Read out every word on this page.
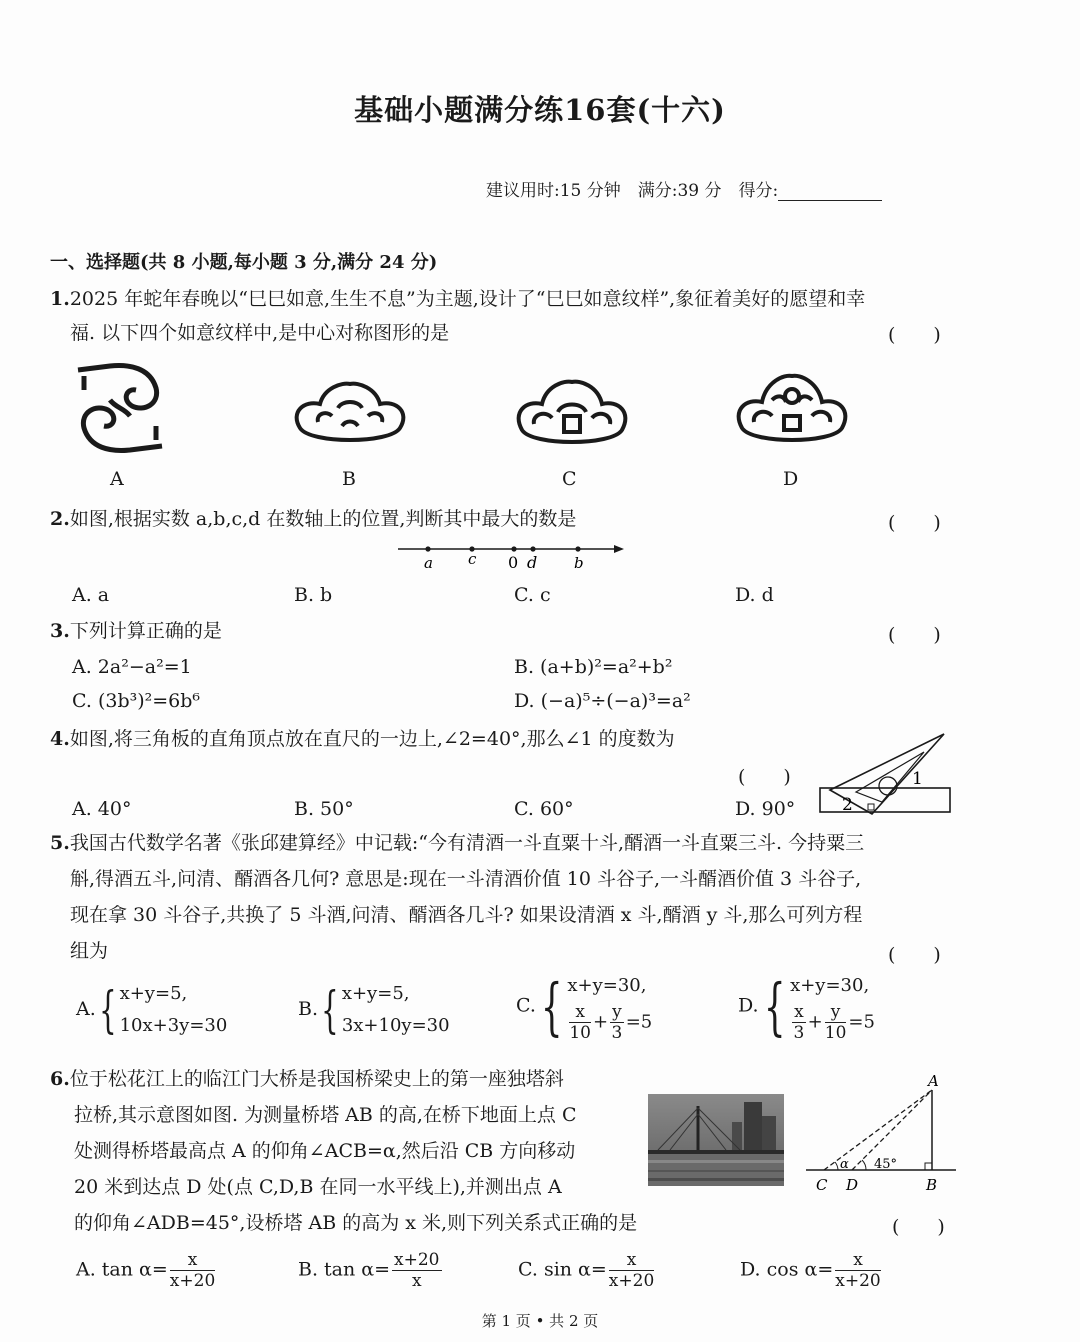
基础小题满分练16套(十六)
建议用时:15 分钟　满分:39 分　得分:
一、选择题(共 8 小题,每小题 3 分,满分 24 分)
1.2025 年蛇年春晚以“巳巳如意,生生不息”为主题,设计了“巳巳如意纹样”,象征着美好的愿望和幸
福. 以下四个如意纹样中,是中心对称图形的是	(　　)
A	B	C	D
2.如图,根据实数 a,b,c,d 在数轴上的位置,判断其中最大的数是	(　　)
a c 0 d b
A. a	B. b	C. c	D. d
3.下列计算正确的是	(　　)
A. 2a²−a²=1	B. (a+b)²=a²+b²
C. (3b³)²=6b⁶	D. (−a)⁵÷(−a)³=a²
4.如图,将三角板的直角顶点放在直尺的一边上,∠2=40°,那么∠1 的度数为
(　　)
A. 40°	B. 50°	C. 60°	D. 90°
1
2
5.我国古代数学名著《张邱建算经》中记载:“今有清酒一斗直粟十斗,醑酒一斗直粟三斗. 今持粟三
斛,得酒五斗,问清、醑酒各几何? 意思是:现在一斗清酒价值 10 斗谷子,一斗醑酒价值 3 斗谷子,
现在拿 30 斗谷子,共换了 5 斗酒,问清、醑酒各几斗? 如果设清酒 x 斗,醑酒 y 斗,那么可列方程
组为	(　　)
A.{ x+y=5,
10x+3y=30
B.{ x+y=5,
3x+10y=30
C.{ x+y=30,
$\frac{x}{10} + \frac{y}{3} =5$
D.{ x+y=30,
$\frac{x}{3} + \frac{y}{10} =5$
6.位于松花江上的临江门大桥是我国桥梁史上的第一座独塔斜
拉桥,其示意图如图. 为测量桥塔 AB 的高,在桥下地面上点 C
处测得桥塔最高点 A 的仰角∠ACB=α,然后沿 CB 方向移动
20 米到达点 D 处(点 C,D,B 在同一水平线上),并测出点 A
的仰角∠ADB=45°,设桥塔 AB 的高为 x 米,则下列关系式正确的是	(　　)
A
C D	B
α 45°
A. $\tan \alpha= \frac{x}{x+20}$	B. $\tan \alpha= \frac{x+20}{x}$	C. $\sin \alpha= \frac{x}{x+20}$	D. $\cos \alpha= \frac{x}{x+20}$
第 1 页 • 共 2 页
